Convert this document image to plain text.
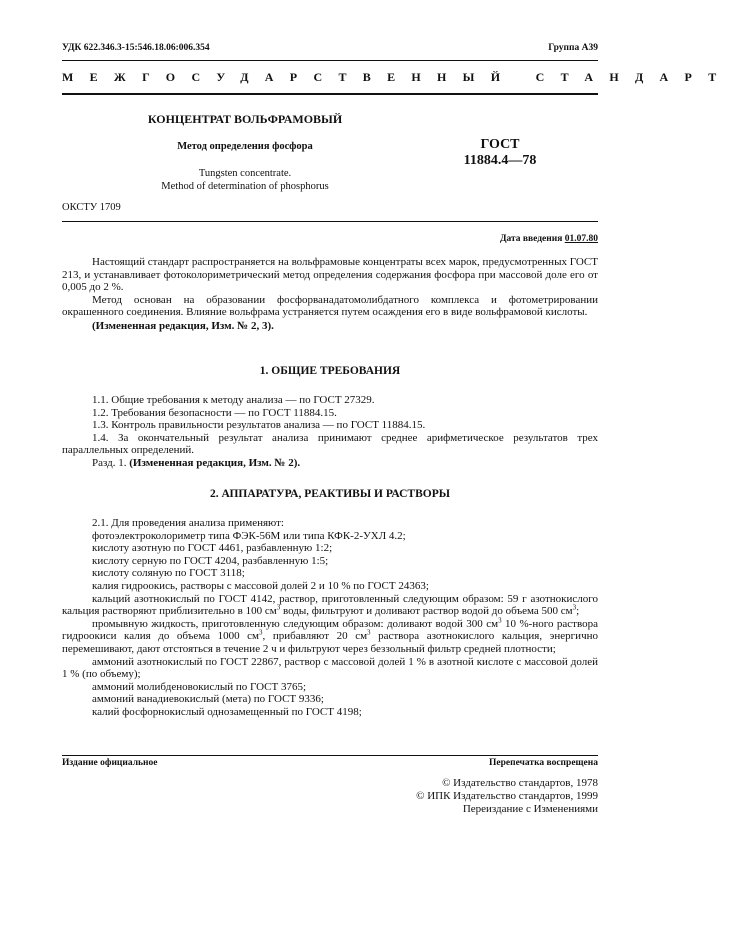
УДК 622.346.3-15:546.18.06:006.354	Группа А39
МЕЖГОСУДАРСТВЕННЫЙ СТАНДАРТ
КОНЦЕНТРАТ ВОЛЬФРАМОВЫЙ
Метод определения фосфора
Tungsten concentrate.
Method of determination of phosphorus
ГОСТ
11884.4—78
ОКСТУ 1709
Дата введения 01.07.80
Настоящий стандарт распространяется на вольфрамовые концентраты всех марок, предусмотренных ГОСТ 213, и устанавливает фотоколориметрический метод определения содержания фосфора при массовой доле его от 0,005 до 2 %.
Метод основан на образовании фосфорванадатомолибдатного комплекса и фотометрировании окрашенного соединения. Влияние вольфрама устраняется путем осаждения его в виде вольфрамовой кислоты.
(Измененная редакция, Изм. № 2, 3).
1. ОБЩИЕ ТРЕБОВАНИЯ
1.1. Общие требования к методу анализа — по ГОСТ 27329.
1.2. Требования безопасности — по ГОСТ 11884.15.
1.3. Контроль правильности результатов анализа — по ГОСТ 11884.15.
1.4. За окончательный результат анализа принимают среднее арифметическое результатов трех параллельных определений.
Разд. 1. (Измененная редакция, Изм. № 2).
2. АППАРАТУРА, РЕАКТИВЫ И РАСТВОРЫ
2.1. Для проведения анализа применяют:
фотоэлектроколориметр типа ФЭК-56М или типа КФК-2-УХЛ 4.2;
кислоту азотную по ГОСТ 4461, разбавленную 1:2;
кислоту серную по ГОСТ 4204, разбавленную 1:5;
кислоту соляную по ГОСТ 3118;
калия гидроокись, растворы с массовой долей 2 и 10 % по ГОСТ 24363;
кальций азотнокислый по ГОСТ 4142, раствор, приготовленный следующим образом: 59 г азотнокислого кальция растворяют приблизительно в 100 $см^3$ воды, фильтруют и доливают раствор водой до объема 500 $см^3$;
промывную жидкость, приготовленную следующим образом: доливают водой 300 $см^3$ 10 %-ного раствора гидроокиси калия до объема 1000 $см^3$, прибавляют 20 $см^3$ раствора азотнокислого кальция, энергично перемешивают, дают отстояться в течение 2 ч и фильтруют через беззольный фильтр средней плотности;
аммоний азотнокислый по ГОСТ 22867, раствор с массовой долей 1 % в азотной кислоте с массовой долей 1 % (по объему);
аммоний молибденовокислый по ГОСТ 3765;
аммоний ванадиевокислый (мета) по ГОСТ 9336;
калий фосфорнокислый однозамещенный по ГОСТ 4198;
Издание официальное	Перепечатка воспрещена
© Издательство стандартов, 1978
© ИПК Издательство стандартов, 1999
Переиздание с Изменениями
